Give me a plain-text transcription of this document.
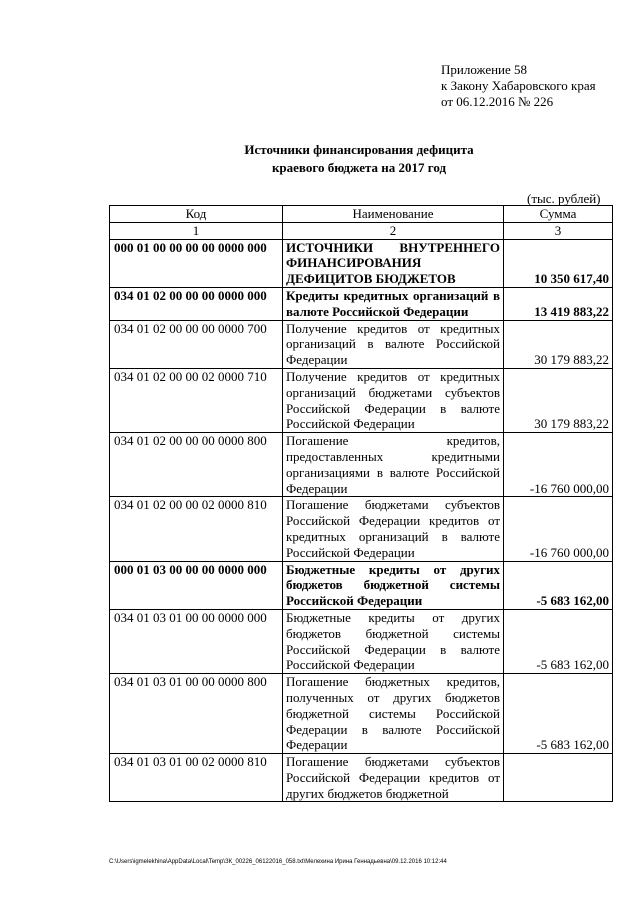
Приложение 58
к Закону Хабаровского края
от 06.12.2016 № 226
Источники финансирования дефицита
краевого бюджета на 2017 год
(тыс. рублей)
Код	Наименование	Сумма
1	2	3
000 01 00 00 00 00 0000 000	ИСТОЧНИКИ ВНУТРЕННЕГО ФИНАНСИРОВАНИЯ ДЕФИЦИТОВ БЮДЖЕТОВ	10 350 617,40
034 01 02 00 00 00 0000 000	Кредиты кредитных организаций в валюте Российской Федерации	13 419 883,22
034 01 02 00 00 00 0000 700	Получение кредитов от кредитных организаций в валюте Российской Федерации	30 179 883,22
034 01 02 00 00 02 0000 710	Получение кредитов от кредитных организаций бюджетами субъектов Российской Федерации в валюте Российской Федерации	30 179 883,22
034 01 02 00 00 00 0000 800	Погашение кредитов, предоставленных кредитными организациями в валюте Российской Федерации	-16 760 000,00
034 01 02 00 00 02 0000 810	Погашение бюджетами субъектов Российской Федерации кредитов от кредитных организаций в валюте Российской Федерации	-16 760 000,00
000 01 03 00 00 00 0000 000	Бюджетные кредиты от других бюджетов бюджетной системы Российской Федерации	-5 683 162,00
034 01 03 01 00 00 0000 000	Бюджетные кредиты от других бюджетов бюджетной системы Российской Федерации в валюте Российской Федерации	-5 683 162,00
034 01 03 01 00 00 0000 800	Погашение бюджетных кредитов, полученных от других бюджетов бюджетной системы Российской Федерации в валюте Российской Федерации	-5 683 162,00
034 01 03 01 00 02 0000 810	Погашение бюджетами субъектов Российской Федерации кредитов от других бюджетов бюджетной	
C:\Users\igmelekhina\AppData\Local\Temp\ЗК_00226_06122016_058.txt\Мелехина Ирина Геннадьевна\09.12.2016 10:12:44
